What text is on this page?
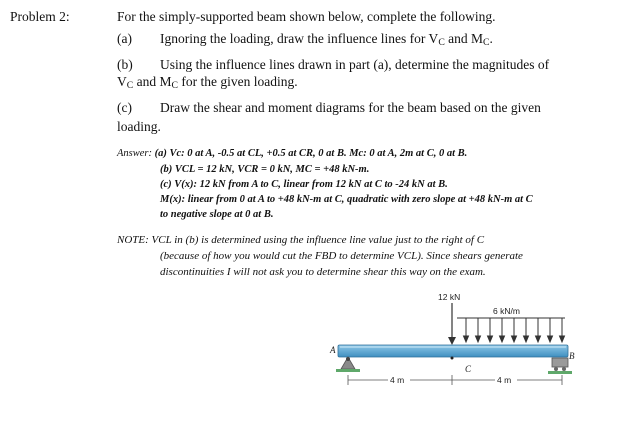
Problem 2:	For the simply-supported beam shown below, complete the following.
(a) Ignoring the loading, draw the influence lines for $V_C$ and $M_C$.
(b) Using the influence lines drawn in part (a), determine the magnitudes of
$V_C$ and $M_C$ for the given loading.
(c) Draw the shear and moment diagrams for the beam based on the given
loading.
Answer: (a) Vc: 0 at A, -0.5 at CL, +0.5 at CR, 0 at B. Mc: 0 at A, 2m at C, 0 at B.
(b) VCL = 12 kN, VCR = 0 kN, MC = +48 kN-m.
(c) V(x): 12 kN from A to C, linear from 12 kN at C to -24 kN at B.
M(x): linear from 0 at A to +48 kN-m at C, quadratic with zero slope at +48 kN-m at C
to negative slope at 0 at B.
NOTE: VCL in (b) is determined using the influence line value just to the right of C
(because of how you would cut the FBD to determine VCL). Since shears generate
discontinuities I will not ask you to determine shear this way on the exam.
12 kN
6 kN/m
A
B
C
4 m	4 m
